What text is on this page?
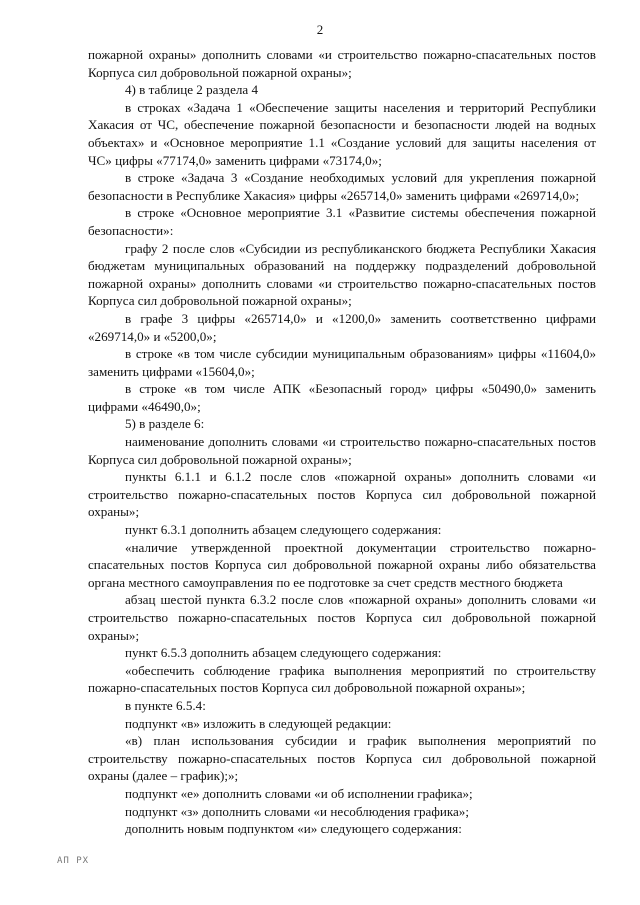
2

пожарной охраны» дополнить словами «и строительство пожарно-спасательных постов Корпуса сил добровольной пожарной охраны»;

4) в таблице 2 раздела 4

в строках «Задача 1 «Обеспечение защиты населения и территорий Республики Хакасия от ЧС, обеспечение пожарной безопасности и безопасности людей на водных объектах» и «Основное мероприятие 1.1 «Создание условий для защиты населения от ЧС» цифры «77174,0» заменить цифрами «73174,0»;

в строке «Задача 3 «Создание необходимых условий для укрепления пожарной безопасности в Республике Хакасия» цифры «265714,0» заменить цифрами «269714,0»;

в строке «Основное мероприятие 3.1 «Развитие системы обеспечения пожарной безопасности»:

графу 2 после слов «Субсидии из республиканского бюджета Республики Хакасия бюджетам муниципальных образований на поддержку подразделений добровольной пожарной охраны» дополнить словами «и строительство пожарно-спасательных постов Корпуса сил добровольной пожарной охраны»;

в графе 3 цифры «265714,0» и «1200,0» заменить соответственно цифрами «269714,0» и «5200,0»;

в строке «в том числе субсидии муниципальным образованиям» цифры «11604,0» заменить цифрами «15604,0»;

в строке «в том числе АПК «Безопасный город» цифры «50490,0» заменить цифрами «46490,0»;

5) в разделе 6:

наименование дополнить словами «и строительство пожарно-спасательных постов Корпуса сил добровольной пожарной охраны»;

пункты 6.1.1 и 6.1.2 после слов «пожарной охраны» дополнить словами «и строительство пожарно-спасательных постов Корпуса сил добровольной пожарной охраны»;

пункт 6.3.1 дополнить абзацем следующего содержания:

«наличие утвержденной проектной документации строительство пожарно-спасательных постов Корпуса сил добровольной пожарной охраны либо обязательства органа местного самоуправления по ее подготовке за счет средств местного бюджета

абзац шестой пункта 6.3.2 после слов «пожарной охраны» дополнить словами «и строительство пожарно-спасательных постов Корпуса сил добровольной пожарной охраны»;

пункт 6.5.3 дополнить абзацем следующего содержания:

«обеспечить соблюдение графика выполнения мероприятий по строительству пожарно-спасательных постов Корпуса сил добровольной пожарной охраны»;

в пункте 6.5.4:

подпункт «в» изложить в следующей редакции:

«в) план использования субсидии и график выполнения мероприятий по строительству пожарно-спасательных постов Корпуса сил добровольной пожарной охраны (далее – график);»;

подпункт «е» дополнить словами «и об исполнении графика»;

подпункт «з» дополнить словами «и несоблюдения графика»;

дополнить новым подпунктом «и» следующего содержания:

АП РХ
